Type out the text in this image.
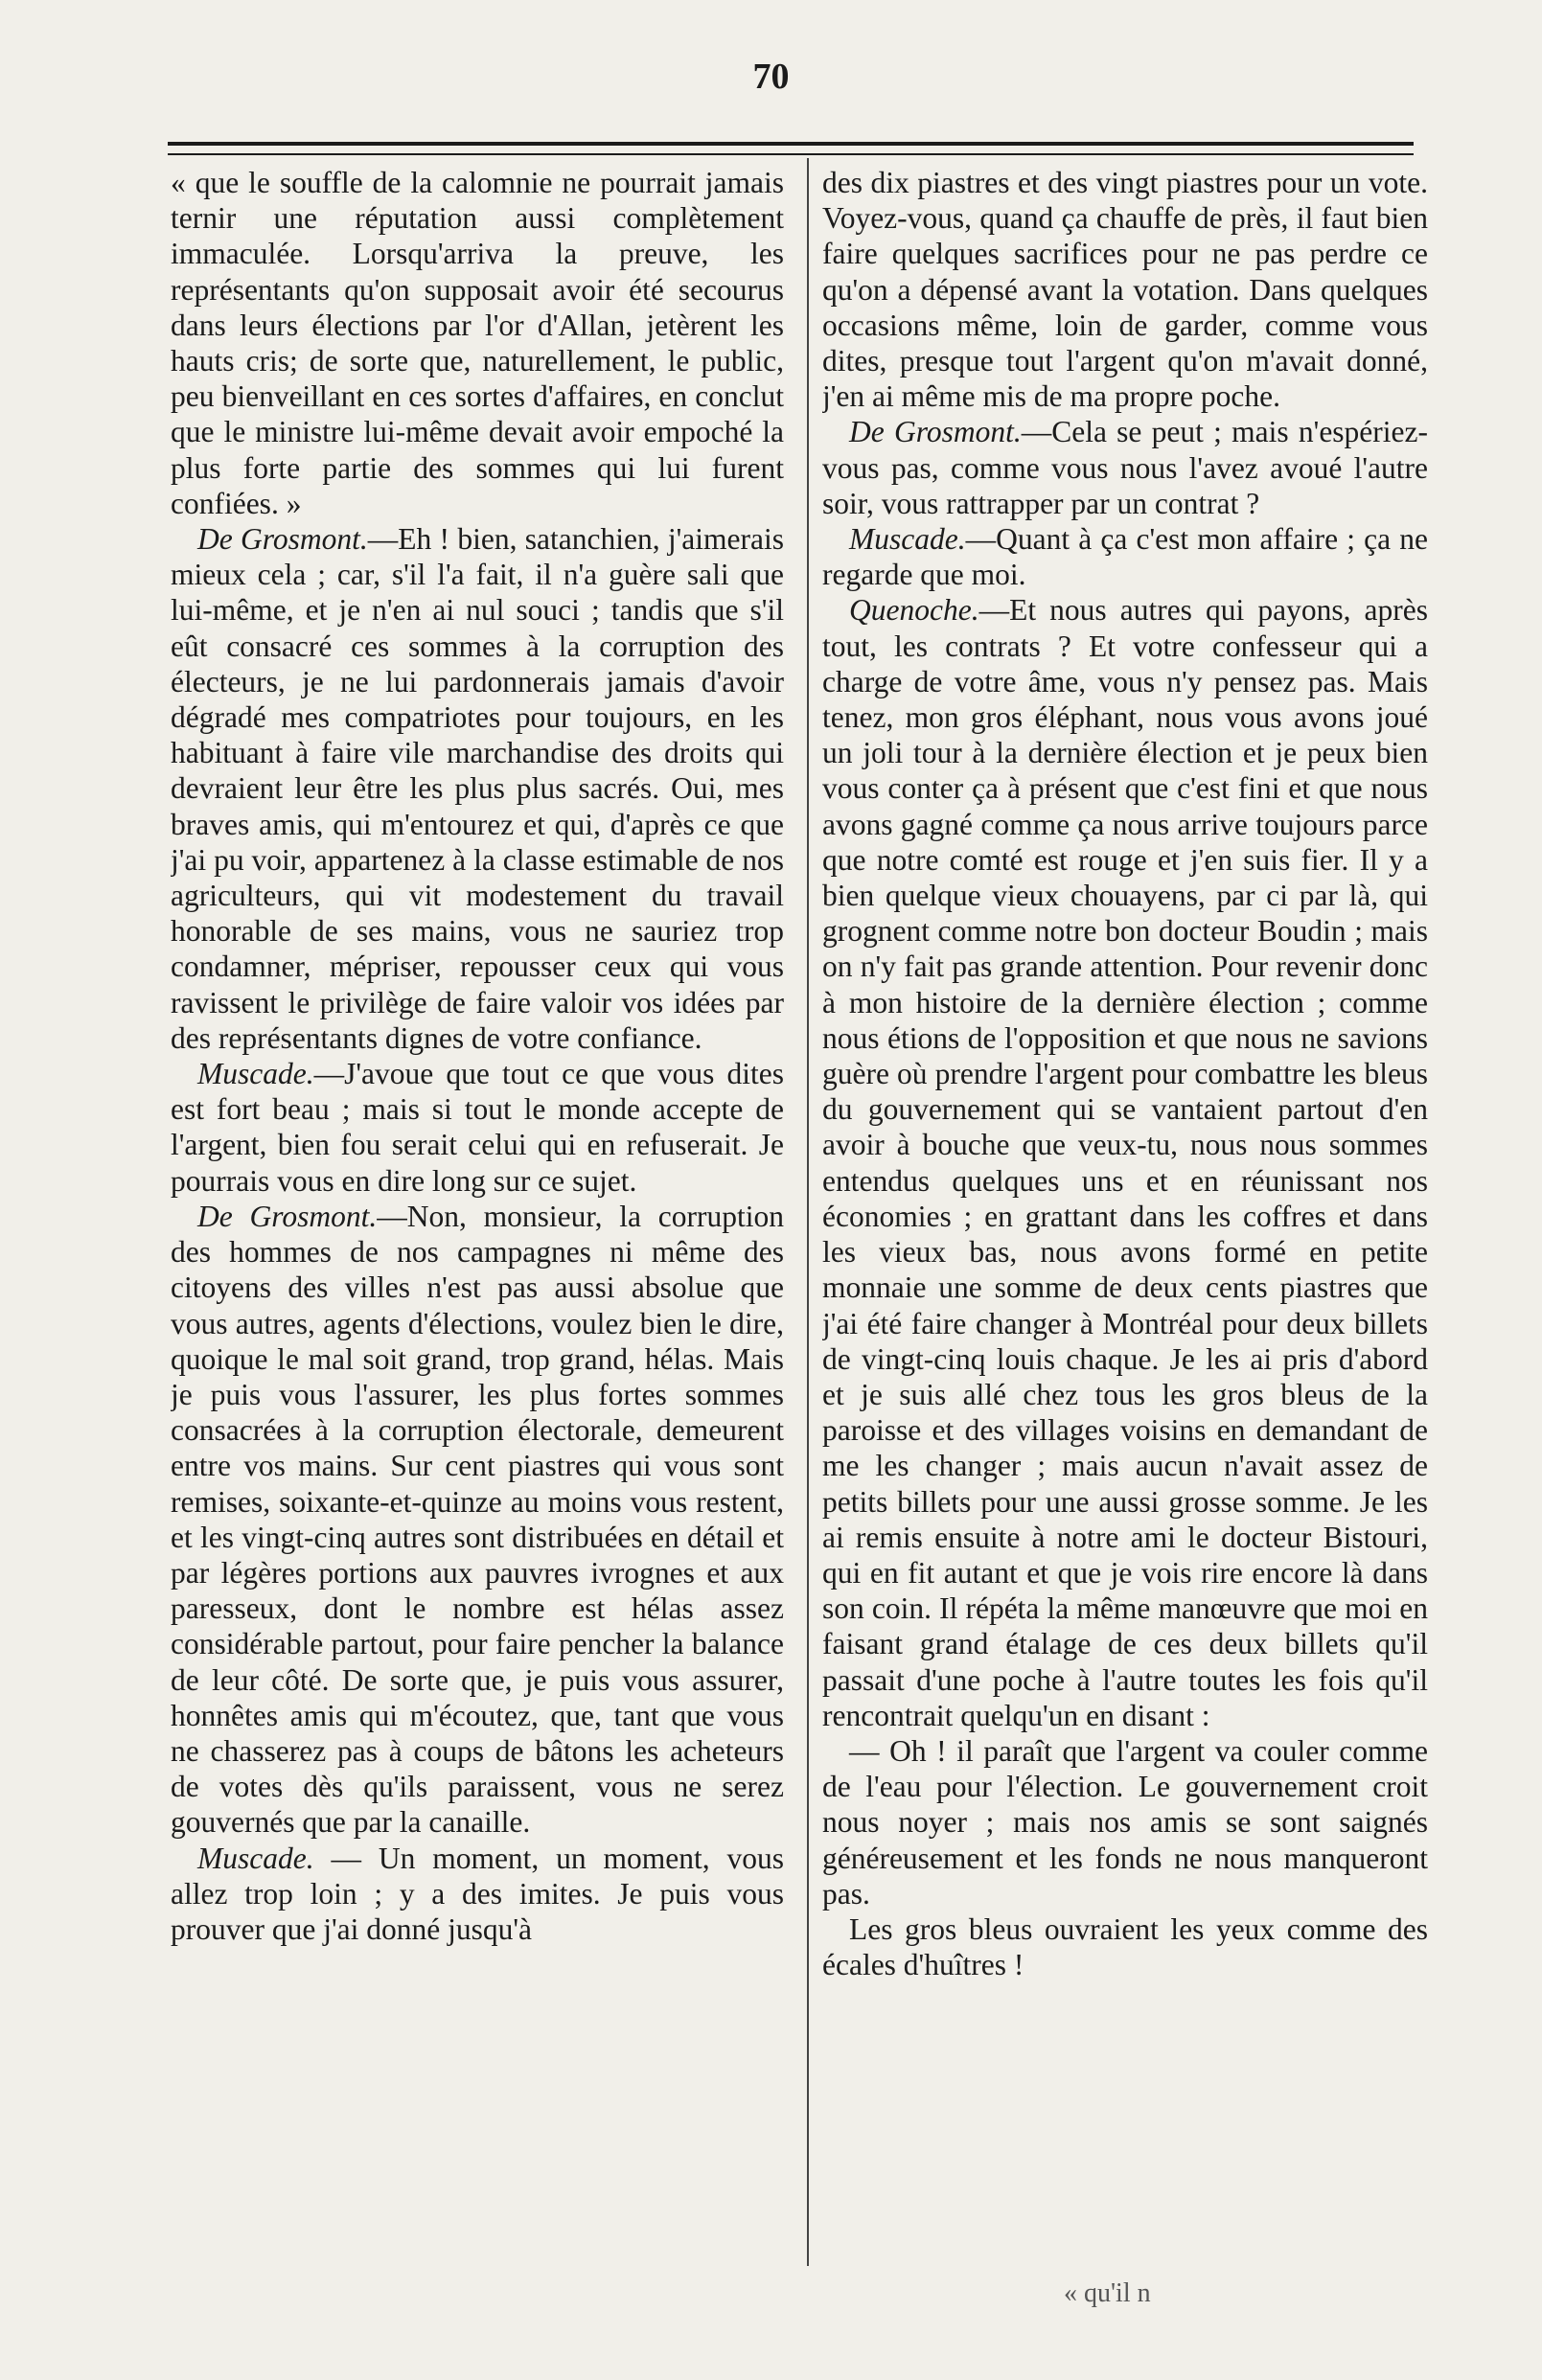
70

« que le souffle de la calomnie ne pourrait jamais ternir une réputation aussi complètement immaculée. Lorsqu'arriva la preuve, les représentants qu'on supposait avoir été secourus dans leurs élections par l'or d'Allan, jetèrent les hauts cris; de sorte que, naturellement, le public, peu bienveillant en ces sortes d'affaires, en conclut que le ministre lui-même devait avoir empoché la plus forte partie des sommes qui lui furent confiées. »

De Grosmont.—Eh ! bien, satanchien, j'aimerais mieux cela ; car, s'il l'a fait, il n'a guère sali que lui-même, et je n'en ai nul souci ; tandis que s'il eût consacré ces sommes à la corruption des électeurs, je ne lui pardonnerais jamais d'avoir dégradé mes compatriotes pour toujours, en les habituant à faire vile marchandise des droits qui devraient leur être les plus plus sacrés. Oui, mes braves amis, qui m'entourez et qui, d'après ce que j'ai pu voir, appartenez à la classe estimable de nos agriculteurs, qui vit modestement du travail honorable de ses mains, vous ne sauriez trop condamner, mépriser, repousser ceux qui vous ravissent le privilège de faire valoir vos idées par des représentants dignes de votre confiance.

Muscade.—J'avoue que tout ce que vous dites est fort beau ; mais si tout le monde accepte de l'argent, bien fou serait celui qui en refuserait. Je pourrais vous en dire long sur ce sujet.

De Grosmont.—Non, monsieur, la corruption des hommes de nos campagnes ni même des citoyens des villes n'est pas aussi absolue que vous autres, agents d'élections, voulez bien le dire, quoique le mal soit grand, trop grand, hélas. Mais je puis vous l'assurer, les plus fortes sommes consacrées à la corruption électorale, demeurent entre vos mains. Sur cent piastres qui vous sont remises, soixante-et-quinze au moins vous restent, et les vingt-cinq autres sont distribuées en détail et par légères portions aux pauvres ivrognes et aux paresseux, dont le nombre est hélas assez considérable partout, pour faire pencher la balance de leur côté. De sorte que, je puis vous assurer, honnêtes amis qui m'écoutez, que, tant que vous ne chasserez pas à coups de bâtons les acheteurs de votes dès qu'ils paraissent, vous ne serez gouvernés que par la canaille.

Muscade. — Un moment, un moment, vous allez trop loin ; y a des imites. Je puis vous prouver que j'ai donné jusqu'à

des dix piastres et des vingt piastres pour un vote. Voyez-vous, quand ça chauffe de près, il faut bien faire quelques sacrifices pour ne pas perdre ce qu'on a dépensé avant la votation. Dans quelques occasions même, loin de garder, comme vous dites, presque tout l'argent qu'on m'avait donné, j'en ai même mis de ma propre poche.

De Grosmont.—Cela se peut ; mais n'espériez-vous pas, comme vous nous l'avez avoué l'autre soir, vous rattrapper par un contrat ?

Muscade.—Quant à ça c'est mon affaire ; ça ne regarde que moi.

Quenoche.—Et nous autres qui payons, après tout, les contrats ? Et votre confesseur qui a charge de votre âme, vous n'y pensez pas. Mais tenez, mon gros éléphant, nous vous avons joué un joli tour à la dernière élection et je peux bien vous conter ça à présent que c'est fini et que nous avons gagné comme ça nous arrive toujours parce que notre comté est rouge et j'en suis fier. Il y a bien quelque vieux chouayens, par ci par là, qui grognent comme notre bon docteur Boudin ; mais on n'y fait pas grande attention. Pour revenir donc à mon histoire de la dernière élection ; comme nous étions de l'opposition et que nous ne savions guère où prendre l'argent pour combattre les bleus du gouvernement qui se vantaient partout d'en avoir à bouche que veux-tu, nous nous sommes entendus quelques uns et en réunissant nos économies ; en grattant dans les coffres et dans les vieux bas, nous avons formé en petite monnaie une somme de deux cents piastres que j'ai été faire changer à Montréal pour deux billets de vingt-cinq louis chaque. Je les ai pris d'abord et je suis allé chez tous les gros bleus de la paroisse et des villages voisins en demandant de me les changer ; mais aucun n'avait assez de petits billets pour une aussi grosse somme. Je les ai remis ensuite à notre ami le docteur Bistouri, qui en fit autant et que je vois rire encore là dans son coin. Il répéta la même manœuvre que moi en faisant grand étalage de ces deux billets qu'il passait d'une poche à l'autre toutes les fois qu'il rencontrait quelqu'un en disant :

— Oh ! il paraît que l'argent va couler comme de l'eau pour l'élection. Le gouvernement croit nous noyer ; mais nos amis se sont saignés généreusement et les fonds ne nous manqueront pas.

Les gros bleus ouvraient les yeux comme des écales d'huîtres !

« qu'il n
